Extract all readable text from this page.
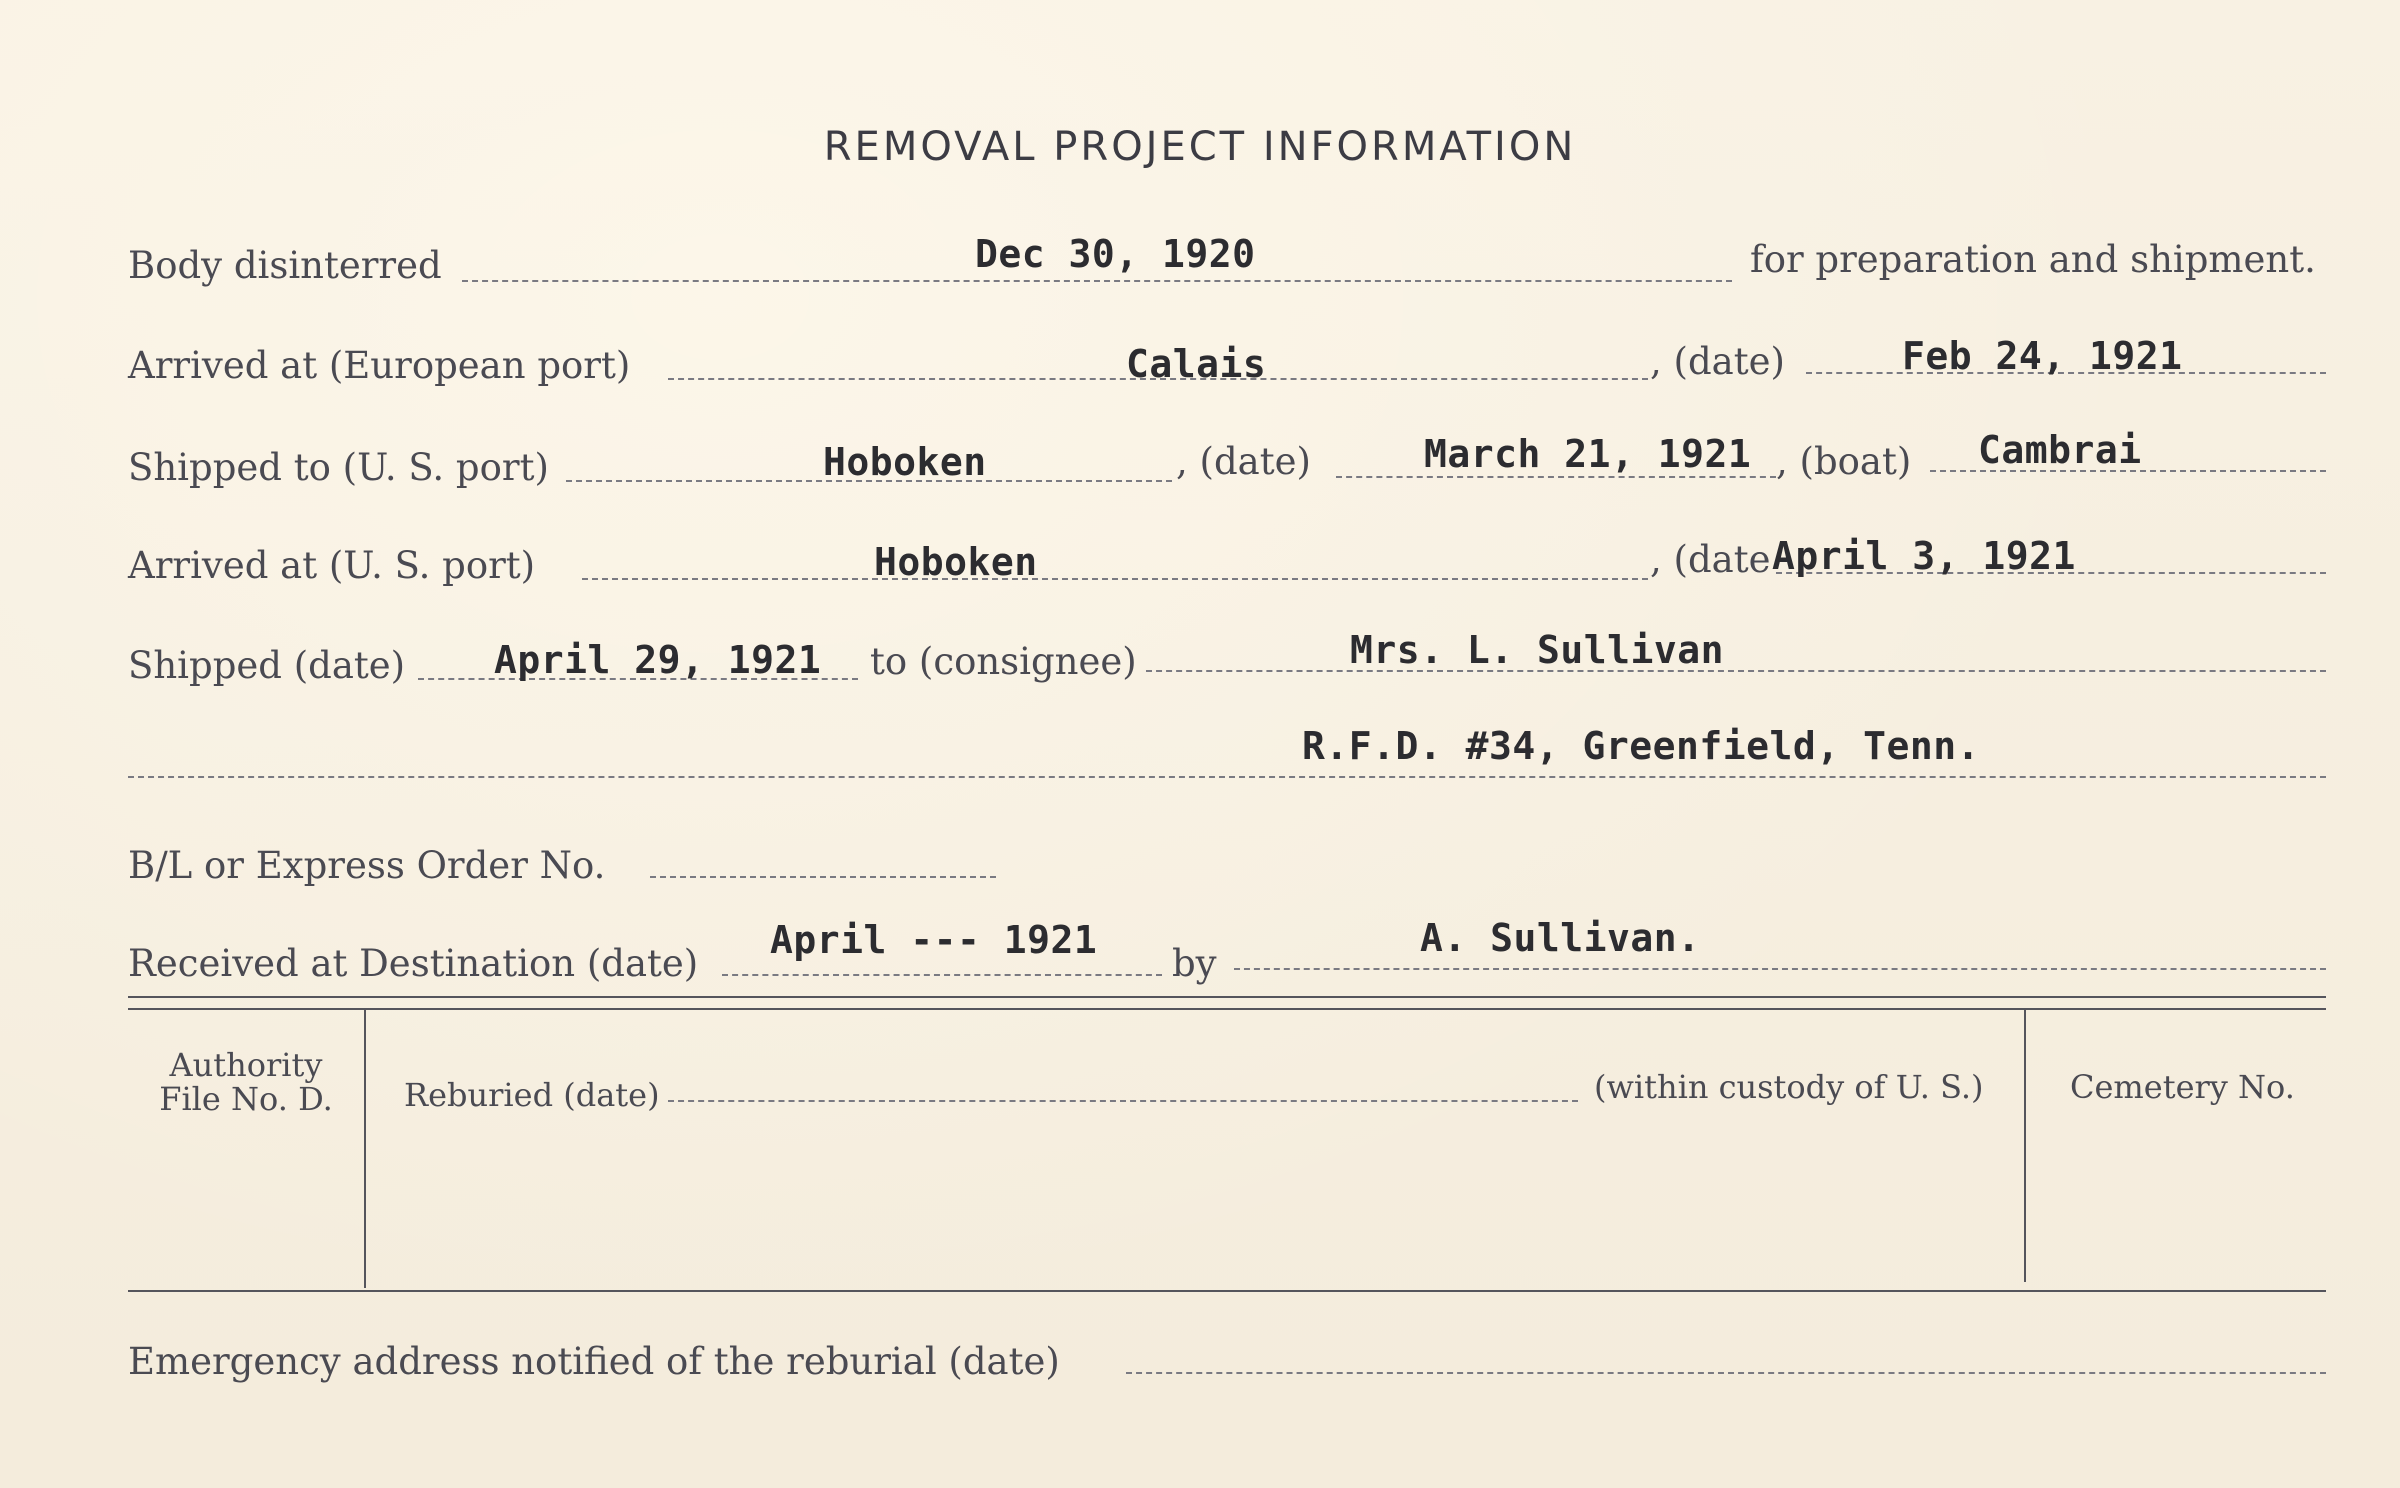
REMOVAL PROJECT INFORMATION
Body disinterred	Dec 30, 1920	for preparation and shipment.
Arrived at (European port)	Calais	, (date)	Feb 24, 1921
Shipped to (U. S. port)	Hoboken	, (date)	March 21, 1921 , (boat) Cambrai
Arrived at (U. S. port)	Hoboken	, (date April 3, 1921
Shipped (date) April 29, 1921 to (consignee)	Mrs. L. Sullivan
R.F.D. #34, Greenfield, Tenn.
B/L or Express Order No.
Received at Destination (date)
April --- 1921
by
A. Sullivan.
Authority
File No. D.	Reburied (date)	(within custody of U. S.)	Cemetery No.
Emergency address notified of the reburial (date)
